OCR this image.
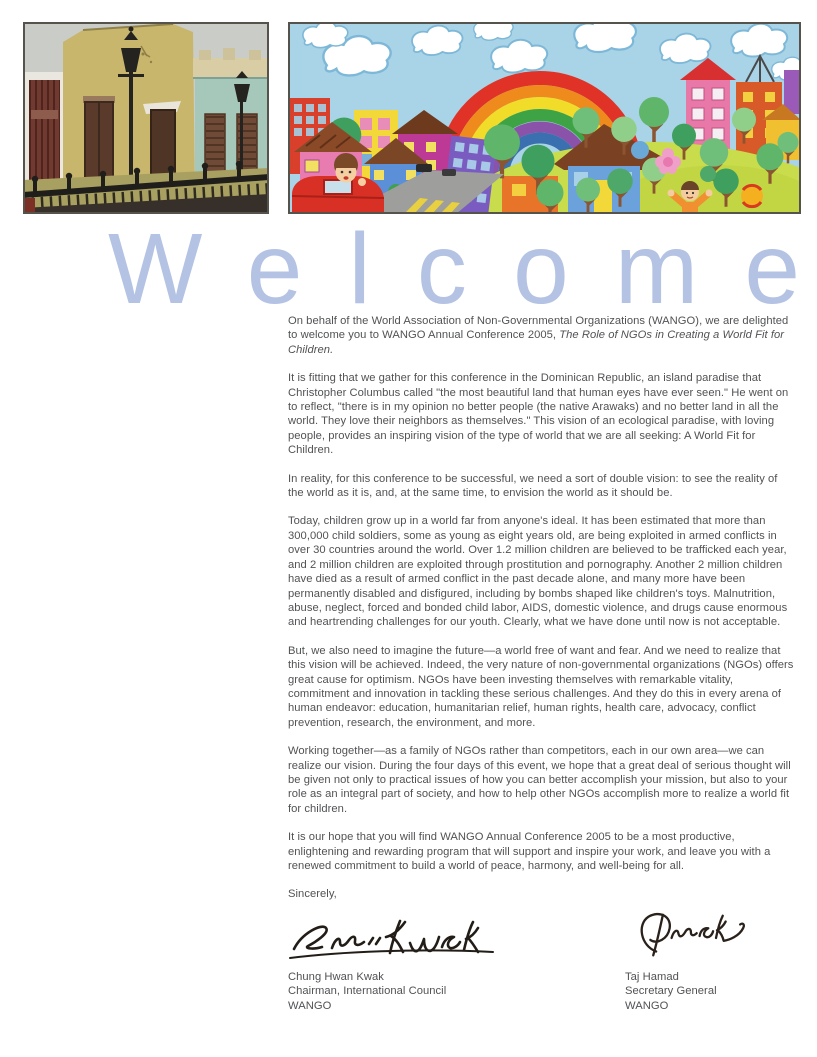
Welcome

On behalf of the World Association of Non-Governmental Organizations (WANGO), we are delighted to welcome you to WANGO Annual Conference 2005, The Role of NGOs in Creating a World Fit for Children.

It is fitting that we gather for this conference in the Dominican Republic, an island paradise that Christopher Columbus called "the most beautiful land that human eyes have ever seen." He went on to reflect, "there is in my opinion no better people (the native Arawaks) and no better land in all the world. They love their neighbors as themselves." This vision of an ecological paradise, with loving people, provides an inspiring vision of the type of world that we are all seeking: A World Fit for Children.

In reality, for this conference to be successful, we need a sort of double vision: to see the reality of the world as it is, and, at the same time, to envision the world as it should be.

Today, children grow up in a world far from anyone's ideal. It has been estimated that more than 300,000 child soldiers, some as young as eight years old, are being exploited in armed conflicts in over 30 countries around the world. Over 1.2 million children are believed to be trafficked each year, and 2 million children are exploited through prostitution and pornography. Another 2 million children have died as a result of armed conflict in the past decade alone, and many more have been permanently disabled and disfigured, including by bombs shaped like children's toys. Malnutrition, abuse, neglect, forced and bonded child labor, AIDS, domestic violence, and drugs cause enormous and heartrending challenges for our youth. Clearly, what we have done until now is not acceptable.

But, we also need to imagine the future—a world free of want and fear. And we need to realize that this vision will be achieved. Indeed, the very nature of non-governmental organizations (NGOs) offers great cause for optimism. NGOs have been investing themselves with remarkable vitality, commitment and innovation in tackling these serious challenges. And they do this in every arena of human endeavor: education, humanitarian relief, human rights, health care, advocacy, conflict prevention, research, the environment, and more.

Working together—as a family of NGOs rather than competitors, each in our own area—we can realize our vision. During the four days of this event, we hope that a great deal of serious thought will be given not only to practical issues of how you can better accomplish your mission, but also to your role as an integral part of society, and how to help other NGOs accomplish more to realize a world fit for children.

It is our hope that you will find WANGO Annual Conference 2005 to be a most productive, enlightening and rewarding program that will support and inspire your work, and leave you with a renewed commitment to build a world of peace, harmony, and well-being for all.

Sincerely,

Chung Hwan Kwak
Chairman, International Council
WANGO
Taj Hamad
Secretary General
WANGO
